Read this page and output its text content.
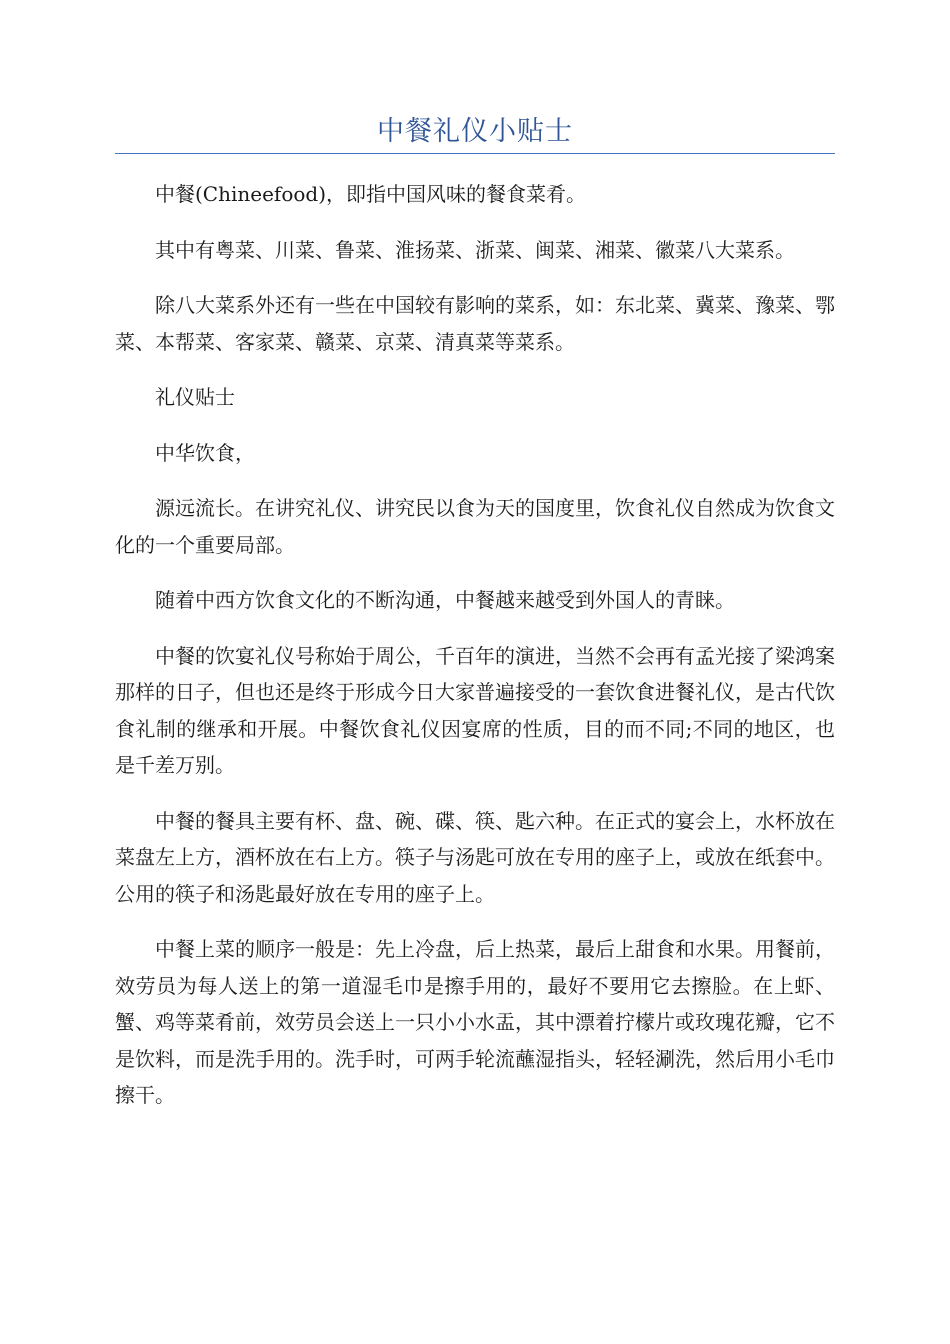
中餐礼仪小贴士

中餐(Chineefood)，即指中国风味的餐食菜肴。

其中有粤菜、川菜、鲁菜、淮扬菜、浙菜、闽菜、湘菜、徽菜八大菜系。

除八大菜系外还有一些在中国较有影响的菜系，如：东北菜、冀菜、豫菜、鄂菜、本帮菜、客家菜、赣菜、京菜、清真菜等菜系。

礼仪贴士

中华饮食，

源远流长。在讲究礼仪、讲究民以食为天的国度里，饮食礼仪自然成为饮食文化的一个重要局部。

随着中西方饮食文化的不断沟通，中餐越来越受到外国人的青睐。

中餐的饮宴礼仪号称始于周公，千百年的演进，当然不会再有孟光接了梁鸿案那样的日子，但也还是终于形成今日大家普遍接受的一套饮食进餐礼仪，是古代饮食礼制的继承和开展。中餐饮食礼仪因宴席的性质，目的而不同;不同的地区，也是千差万别。

中餐的餐具主要有杯、盘、碗、碟、筷、匙六种。在正式的宴会上，水杯放在菜盘左上方，酒杯放在右上方。筷子与汤匙可放在专用的座子上，或放在纸套中。公用的筷子和汤匙最好放在专用的座子上。

中餐上菜的顺序一般是：先上冷盘，后上热菜，最后上甜食和水果。用餐前，效劳员为每人送上的第一道湿毛巾是擦手用的，最好不要用它去擦脸。在上虾、蟹、鸡等菜肴前，效劳员会送上一只小小水盂，其中漂着拧檬片或玫瑰花瓣，它不是饮料，而是洗手用的。洗手时，可两手轮流蘸湿指头，轻轻涮洗，然后用小毛巾擦干。
